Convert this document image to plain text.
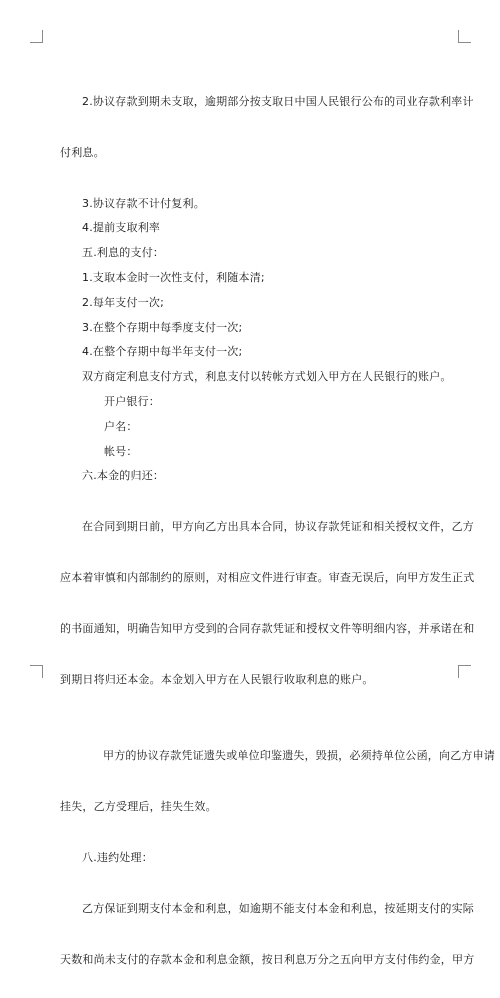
2.协议存款到期未支取，逾期部分按支取日中国人民银行公布的司业存款利率计

付利息。

3.协议存款不计付复利。
4.提前支取利率
五.利息的支付：
1.支取本金时一次性支付，利随本清;
2.每年支付一次;
3.在整个存期中每季度支付一次;
4.在整个存期中每半年支付一次;
双方商定利息支付方式，利息支付以转帐方式划入甲方在人民银行的账户。
开户银行：
户名：
帐号：
六.本金的归还：

在合同到期日前，甲方向乙方出具本合同，协议存款凭证和相关授权文件，乙方

应本着审慎和内部制约的原则，对相应文件进行审查。审查无误后，向甲方发生正式

的书面通知，明确告知甲方受到的合同存款凭证和授权文件等明细内容，并承诺在和

到期日将归还本金。本金划入甲方在人民银行收取利息的账户。

甲方的协议存款凭证遗失或单位印鉴遗失，毁损，必须持单位公函，向乙方申请

挂失，乙方受理后，挂失生效。

八.违约处理：

乙方保证到期支付本金和利息，如逾期不能支付本金和利息，按延期支付的实际

天数和尚未支付的存款本金和利息金额，按日利息万分之五向甲方支付伟约金，甲方
